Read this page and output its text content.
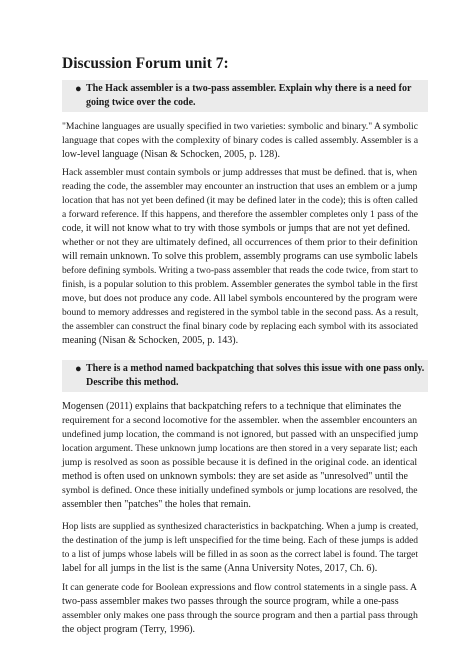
Discussion Forum unit 7:
● The Hack assembler is a two-pass assembler. Explain why there is a need for
going twice over the code.

"Machine languages are usually specified in two varieties: symbolic and binary." A symbolic
language that copes with the complexity of binary codes is called assembly. Assembler is a
low-level language (Nisan & Schocken, 2005, p. 128).

Hack assembler must contain symbols or jump addresses that must be defined. that is, when
reading the code, the assembler may encounter an instruction that uses an emblem or a jump
location that has not yet been defined (it may be defined later in the code); this is often called
a forward reference. If this happens, and therefore the assembler completes only 1 pass of the
code, it will not know what to try with those symbols or jumps that are not yet defined.
whether or not they are ultimately defined, all occurrences of them prior to their definition
will remain unknown. To solve this problem, assembly programs can use symbolic labels
before defining symbols. Writing a two-pass assembler that reads the code twice, from start to
finish, is a popular solution to this problem. Assembler generates the symbol table in the first
move, but does not produce any code. All label symbols encountered by the program were
bound to memory addresses and registered in the symbol table in the second pass. As a result,
the assembler can construct the final binary code by replacing each symbol with its associated
meaning (Nisan & Schocken, 2005, p. 143).

● There is a method named backpatching that solves this issue with one pass only.
Describe this method.

Mogensen (2011) explains that backpatching refers to a technique that eliminates the
requirement for a second locomotive for the assembler. when the assembler encounters an
undefined jump location, the command is not ignored, but passed with an unspecified jump
location argument. These unknown jump locations are then stored in a very separate list; each
jump is resolved as soon as possible because it is defined in the original code. an identical
method is often used on unknown symbols: they are set aside as "unresolved" until the
symbol is defined. Once these initially undefined symbols or jump locations are resolved, the
assembler then "patches" the holes that remain.

Hop lists are supplied as synthesized characteristics in backpatching. When a jump is created,
the destination of the jump is left unspecified for the time being. Each of these jumps is added
to a list of jumps whose labels will be filled in as soon as the correct label is found. The target
label for all jumps in the list is the same (Anna University Notes, 2017, Ch. 6).

It can generate code for Boolean expressions and flow control statements in a single pass. A
two-pass assembler makes two passes through the source program, while a one-pass
assembler only makes one pass through the source program and then a partial pass through
the object program (Terry, 1996).
